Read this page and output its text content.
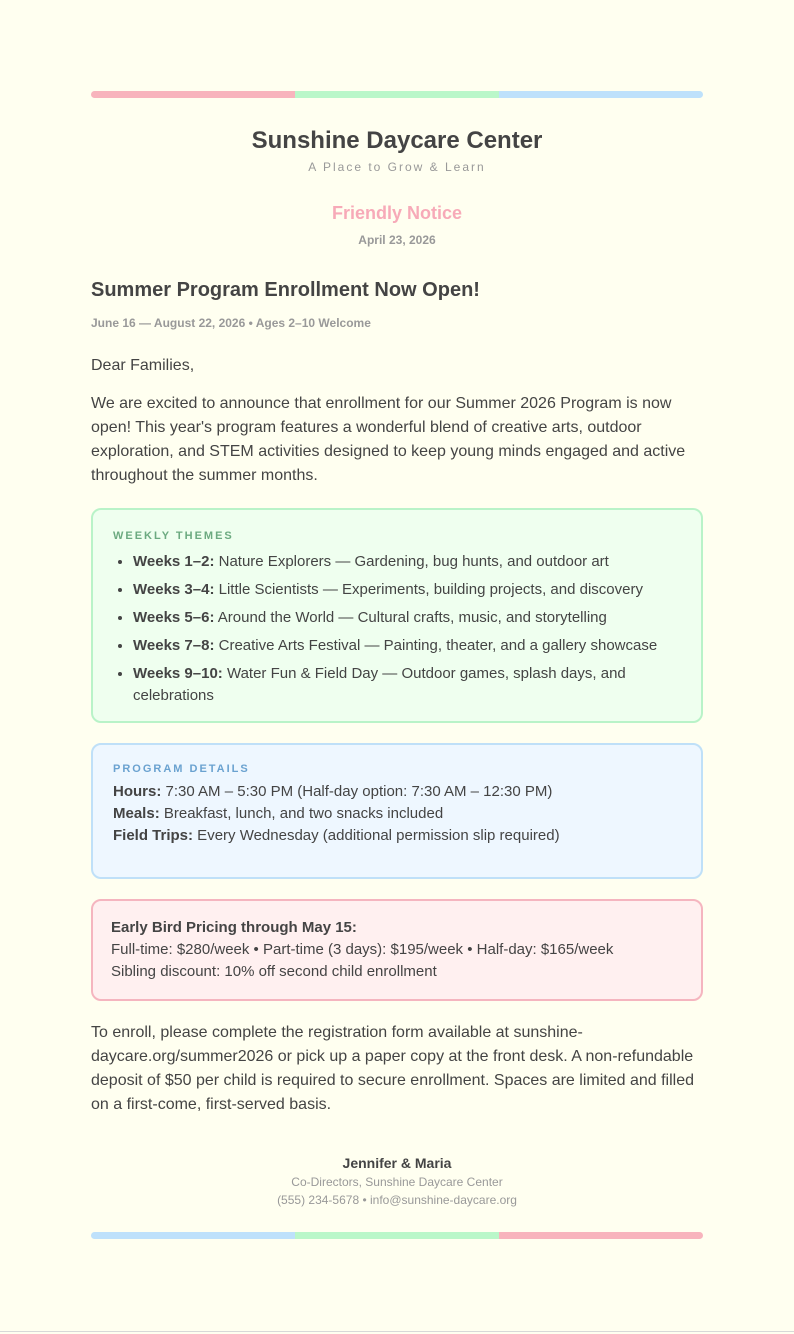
Sunshine Daycare Center
A Place to Grow & Learn
Friendly Notice
April 23, 2026
Summer Program Enrollment Now Open!
June 16 — August 22, 2026 • Ages 2–10 Welcome
Dear Families,
We are excited to announce that enrollment for our Summer 2026 Program is now open! This year's program features a wonderful blend of creative arts, outdoor exploration, and STEM activities designed to keep young minds engaged and active throughout the summer months.
WEEKLY THEMES
• Weeks 1–2: Nature Explorers — Gardening, bug hunts, and outdoor art
• Weeks 3–4: Little Scientists — Experiments, building projects, and discovery
• Weeks 5–6: Around the World — Cultural crafts, music, and storytelling
• Weeks 7–8: Creative Arts Festival — Painting, theater, and a gallery showcase
• Weeks 9–10: Water Fun & Field Day — Outdoor games, splash days, and celebrations
PROGRAM DETAILS
Hours: 7:30 AM – 5:30 PM (Half-day option: 7:30 AM – 12:30 PM)
Meals: Breakfast, lunch, and two snacks included
Field Trips: Every Wednesday (additional permission slip required)
Early Bird Pricing through May 15:
Full-time: $280/week • Part-time (3 days): $195/week • Half-day: $165/week
Sibling discount: 10% off second child enrollment
To enroll, please complete the registration form available at sunshine-daycare.org/summer2026 or pick up a paper copy at the front desk. A non-refundable deposit of $50 per child is required to secure enrollment. Spaces are limited and filled on a first-come, first-served basis.
Jennifer & Maria
Co-Directors, Sunshine Daycare Center
(555) 234-5678 • info@sunshine-daycare.org
